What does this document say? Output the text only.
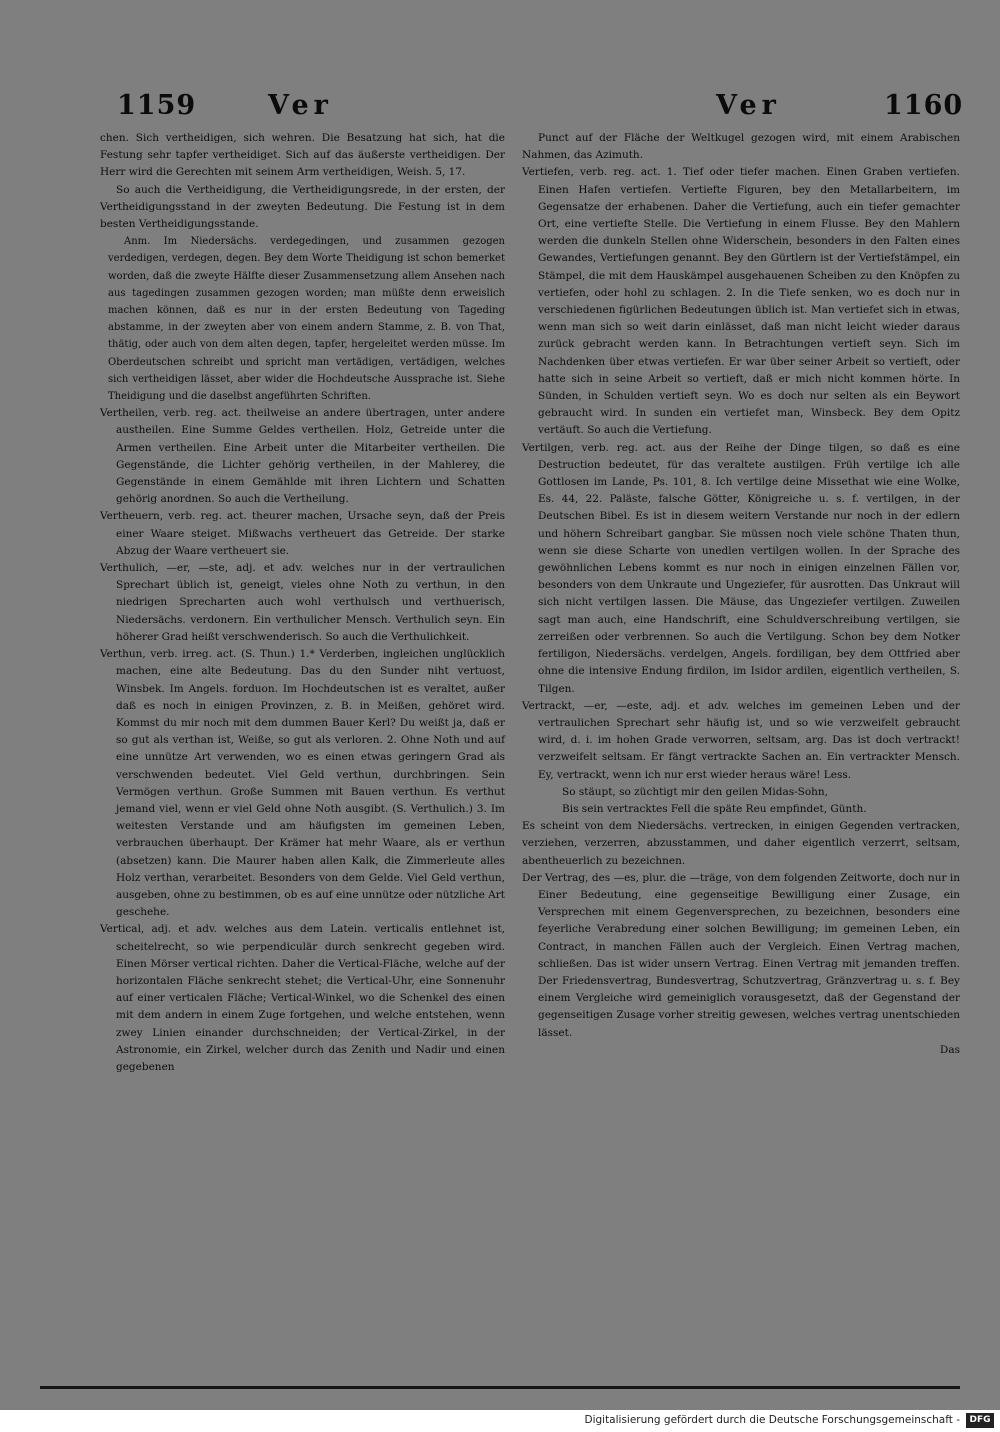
1159	Ver	Ver	1160

chen. Sich vertheidigen, sich wehren. Die Besatzung hat sich, hat die Festung sehr tapfer vertheidiget. Sich auf das äußerste vertheidigen. Der Herr wird die Gerechten mit seinem Arm vertheidigen, Weish. 5, 17.

So auch die Vertheidigung, die Vertheidigungsrede, in der ersten, der Vertheidigungsstand in der zweyten Bedeutung. Die Festung ist in dem besten Vertheidigungsstande.

Anm. Im Niedersächs. verdegedingen, und zusammen gezogen verdedigen, verdegen, degen. Bey dem Worte Theidigung ist schon bemerket worden, daß die zweyte Hälfte dieser Zusammensetzung allem Ansehen nach aus tagedingen zusammen gezogen worden; man müßte denn erweislich machen können, daß es nur in der ersten Bedeutung von Tageding abstamme, in der zweyten aber von einem andern Stamme, z. B. von That, thätig, oder auch von dem alten degen, tapfer, hergeleitet werden müsse. Im Oberdeutschen schreibt und spricht man vertädigen, vertädigen, welches sich vertheidigen lässet, aber wider die Hochdeutsche Aussprache ist. Siehe Theidigung und die daselbst angeführten Schriften.

Vertheilen, verb. reg. act. theilweise an andere übertragen, unter andere austheilen. Eine Summe Geldes vertheilen. Holz, Getreide unter die Armen vertheilen. Eine Arbeit unter die Mitarbeiter vertheilen. Die Gegenstände, die Lichter gehörig vertheilen, in der Mahlerey, die Gegenstände in einem Gemählde mit ihren Lichtern und Schatten gehörig anordnen. So auch die Vertheilung.

Vertheuern, verb. reg. act. theurer machen, Ursache seyn, daß der Preis einer Waare steiget. Mißwachs vertheuert das Getreide. Der starke Abzug der Waare vertheuert sie.

Verthulich, —er, —ste, adj. et adv. welches nur in der vertraulichen Sprechart üblich ist, geneigt, vieles ohne Noth zu verthun, in den niedrigen Sprecharten auch wohl verthulsch und verthuerisch, Niedersächs. verdonern. Ein verthulicher Mensch. Verthulich seyn. Ein höherer Grad heißt verschwenderisch. So auch die Verthulichkeit.

Verthun, verb. irreg. act. (S. Thun.) 1.* Verderben, ingleichen unglücklich machen, eine alte Bedeutung. Das du den Sunder niht vertuost, Winsbek. Im Angels. forduon. Im Hochdeutschen ist es veraltet, außer daß es noch in einigen Provinzen, z. B. in Meißen, gehöret wird. Kommst du mir noch mit dem dummen Bauer Kerl? Du weißt ja, daß er so gut als verthan ist, Weiße, so gut als verloren. 2. Ohne Noth und auf eine unnütze Art verwenden, wo es einen etwas geringern Grad als verschwenden bedeutet. Viel Geld verthun, durchbringen. Sein Vermögen verthun. Große Summen mit Bauen verthun. Es verthut jemand viel, wenn er viel Geld ohne Noth ausgibt. (S. Verthulich.) 3. Im weitesten Verstande und am häufigsten im gemeinen Leben, verbrauchen überhaupt. Der Krämer hat mehr Waare, als er verthun (absetzen) kann. Die Maurer haben allen Kalk, die Zimmerleute alles Holz verthan, verarbeitet. Besonders von dem Gelde. Viel Geld verthun, ausgeben, ohne zu bestimmen, ob es auf eine unnütze oder nützliche Art geschehe.

Vertical, adj. et adv. welches aus dem Latein. verticalis entlehnet ist, scheitelrecht, so wie perpendiculär durch senkrecht gegeben wird. Einen Mörser vertical richten. Daher die Vertical-Fläche, welche auf der horizontalen Fläche senkrecht stehet; die Vertical-Uhr, eine Sonnenuhr auf einer verticalen Fläche; Vertical-Winkel, wo die Schenkel des einen mit dem andern in einem Zuge fortgehen, und welche entstehen, wenn zwey Linien einander durchschneiden; der Vertical-Zirkel, in der Astronomie, ein Zirkel, welcher durch das Zenith und Nadir und einen gegebenen

Punct auf der Fläche der Weltkugel gezogen wird, mit einem Arabischen Nahmen, das Azimuth.

Vertiefen, verb. reg. act. 1. Tief oder tiefer machen. Einen Graben vertiefen. Einen Hafen vertiefen. Vertiefte Figuren, bey den Metallarbeitern, im Gegensatze der erhabenen. Daher die Vertiefung, auch ein tiefer gemachter Ort, eine vertiefte Stelle. Die Vertiefung in einem Flusse. Bey den Mahlern werden die dunkeln Stellen ohne Widerschein, besonders in den Falten eines Gewandes, Vertiefungen genannt. Bey den Gürtlern ist der Vertiefstämpel, ein Stämpel, die mit dem Hauskämpel ausgehauenen Scheiben zu den Knöpfen zu vertiefen, oder hohl zu schlagen. 2. In die Tiefe senken, wo es doch nur in verschiedenen figürlichen Bedeutungen üblich ist. Man vertiefet sich in etwas, wenn man sich so weit darin einlässet, daß man nicht leicht wieder daraus zurück gebracht werden kann. In Betrachtungen vertieft seyn. Sich im Nachdenken über etwas vertiefen. Er war über seiner Arbeit so vertieft, oder hatte sich in seine Arbeit so vertieft, daß er mich nicht kommen hörte. In Sünden, in Schulden vertieft seyn. Wo es doch nur selten als ein Beywort gebraucht wird. In sunden ein vertiefet man, Winsbeck. Bey dem Opitz vertäuft. So auch die Vertiefung.

Vertilgen, verb. reg. act. aus der Reihe der Dinge tilgen, so daß es eine Destruction bedeutet, für das veraltete austilgen. Früh vertilge ich alle Gottlosen im Lande, Ps. 101, 8. Ich vertilge deine Missethat wie eine Wolke, Es. 44, 22. Paläste, falsche Götter, Königreiche u. s. f. vertilgen, in der Deutschen Bibel. Es ist in diesem weitern Verstande nur noch in der edlern und höhern Schreibart gangbar. Sie müssen noch viele schöne Thaten thun, wenn sie diese Scharte von unedlen vertilgen wollen. In der Sprache des gewöhnlichen Lebens kommt es nur noch in einigen einzelnen Fällen vor, besonders von dem Unkraute und Ungeziefer, für ausrotten. Das Unkraut will sich nicht vertilgen lassen. Die Mäuse, das Ungeziefer vertilgen. Zuweilen sagt man auch, eine Handschrift, eine Schuldverschreibung vertilgen, sie zerreißen oder verbrennen. So auch die Vertilgung. Schon bey dem Notker fertiligon, Niedersächs. verdelgen, Angels. fordiligan, bey dem Ottfried aber ohne die intensive Endung firdilon, im Isidor ardilen, eigentlich vertheilen, S. Tilgen.

Vertrackt, —er, —este, adj. et adv. welches im gemeinen Leben und der vertraulichen Sprechart sehr häufig ist, und so wie verzweifelt gebraucht wird, d. i. im hohen Grade verworren, seltsam, arg. Das ist doch vertrackt! verzweifelt seltsam. Er fängt vertrackte Sachen an. Ein vertrackter Mensch. Ey, vertrackt, wenn ich nur erst wieder heraus wäre! Less.

So stäupt, so züchtigt mir den geilen Midas-Sohn,

Bis sein vertracktes Fell die späte Reu empfindet, Günth.

Es scheint von dem Niedersächs. vertrecken, in einigen Gegenden vertracken, verziehen, verzerren, abzusstammen, und daher eigentlich verzerrt, seltsam, abentheuerlich zu bezeichnen.

Der Vertrag, des —es, plur. die —träge, von dem folgenden Zeitworte, doch nur in Einer Bedeutung, eine gegenseitige Bewilligung einer Zusage, ein Versprechen mit einem Gegenversprechen, zu bezeichnen, besonders eine feyerliche Verabredung einer solchen Bewilligung; im gemeinen Leben, ein Contract, in manchen Fällen auch der Vergleich. Einen Vertrag machen, schließen. Das ist wider unsern Vertrag. Einen Vertrag mit jemanden treffen. Der Friedensvertrag, Bundesvertrag, Schutzvertrag, Gränzvertrag u. s. f. Bey einem Vergleiche wird gemeiniglich vorausgesetzt, daß der Gegenstand der gegenseitigen Zusage vorher streitig gewesen, welches vertrag unentschieden lässet.

Das

Digitalisierung gefördert durch die Deutsche Forschungsgemeinschaft -	DFG
